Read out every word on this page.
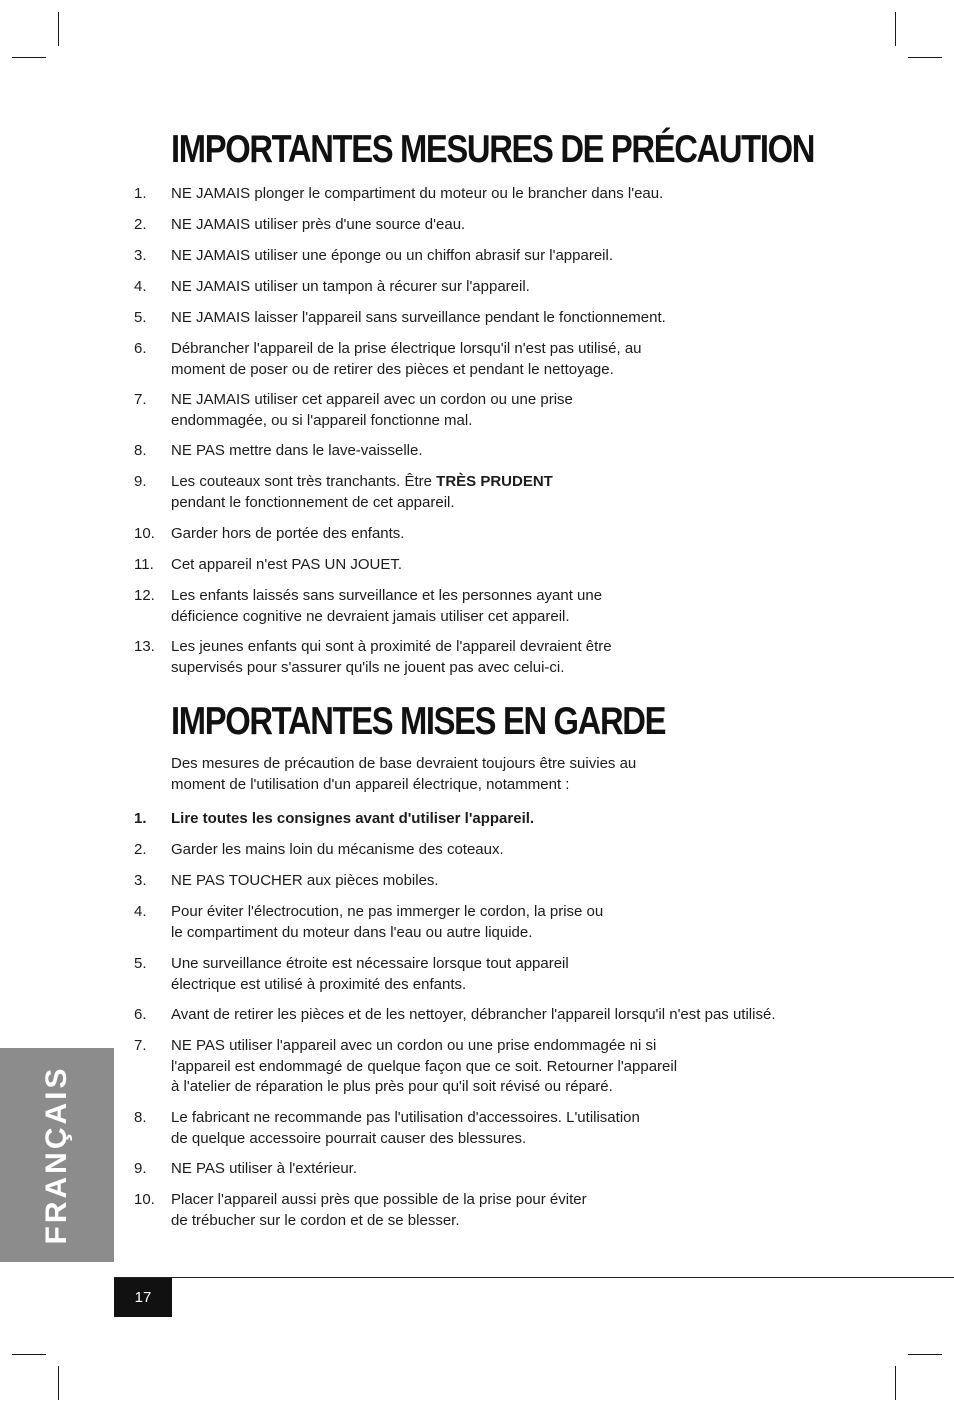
IMPORTANTES MESURES DE PRÉCAUTION
1. NE JAMAIS plonger le compartiment du moteur ou le brancher dans l'eau.
2. NE JAMAIS utiliser près d'une source d'eau.
3. NE JAMAIS utiliser une éponge ou un chiffon abrasif sur l'appareil.
4. NE JAMAIS utiliser un tampon à récurer sur l'appareil.
5. NE JAMAIS laisser l'appareil sans surveillance pendant le fonctionnement.
6. Débrancher l'appareil de la prise électrique lorsqu'il n'est pas utilisé, au
moment de poser ou de retirer des pièces et pendant le nettoyage.
7. NE JAMAIS utiliser cet appareil avec un cordon ou une prise
endommagée, ou si l'appareil fonctionne mal.
8. NE PAS mettre dans le lave-vaisselle.
9. Les couteaux sont très tranchants. Être TRÈS PRUDENT
pendant le fonctionnement de cet appareil.
10. Garder hors de portée des enfants.
11. Cet appareil n'est PAS UN JOUET.
12. Les enfants laissés sans surveillance et les personnes ayant une
déficience cognitive ne devraient jamais utiliser cet appareil.
13. Les jeunes enfants qui sont à proximité de l'appareil devraient être
supervisés pour s'assurer qu'ils ne jouent pas avec celui-ci.
IMPORTANTES MISES EN GARDE
Des mesures de précaution de base devraient toujours être suivies au
moment de l'utilisation d'un appareil électrique, notamment :
1. Lire toutes les consignes avant d'utiliser l'appareil.
2. Garder les mains loin du mécanisme des coteaux.
3. NE PAS TOUCHER aux pièces mobiles.
4. Pour éviter l'électrocution, ne pas immerger le cordon, la prise ou
le compartiment du moteur dans l'eau ou autre liquide.
5. Une surveillance étroite est nécessaire lorsque tout appareil
électrique est utilisé à proximité des enfants.
6. Avant de retirer les pièces et de les nettoyer, débrancher l'appareil lorsqu'il n'est pas utilisé.
7. NE PAS utiliser l'appareil avec un cordon ou une prise endommagée ni si
l'appareil est endommagé de quelque façon que ce soit. Retourner l'appareil
à l'atelier de réparation le plus près pour qu'il soit révisé ou réparé.
8. Le fabricant ne recommande pas l'utilisation d'accessoires. L'utilisation
de quelque accessoire pourrait causer des blessures.
9. NE PAS utiliser à l'extérieur.
10. Placer l'appareil aussi près que possible de la prise pour éviter
de trébucher sur le cordon et de se blesser.
FRANÇAIS
17
